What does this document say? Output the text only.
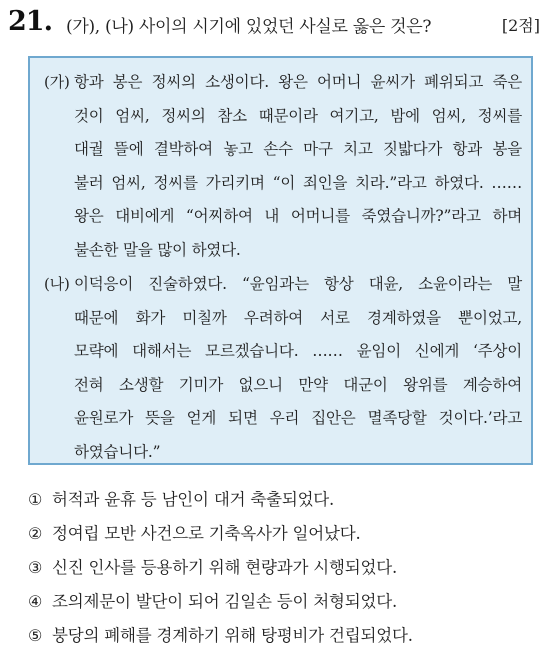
21. (가), (나) 사이의 시기에 있었던 사실로 옳은 것은?	[2점]
(가) 항과 봉은 정씨의 소생이다. 왕은 어머니 윤씨가 폐위되고 죽은
것이 엄씨, 정씨의 참소 때문이라 여기고, 밤에 엄씨, 정씨를
대궐 뜰에 결박하여 놓고 손수 마구 치고 짓밟다가 항과 봉을
불러 엄씨, 정씨를 가리키며 “이 죄인을 치라.”라고 하였다. ……
왕은 대비에게 “어찌하여 내 어머니를 죽였습니까?”라고 하며
불손한 말을 많이 하였다.
(나) 이덕응이 진술하였다. “윤임과는 항상 대윤, 소윤이라는 말
때문에 화가 미칠까 우려하여 서로 경계하였을 뿐이었고,
모략에 대해서는 모르겠습니다. …… 윤임이 신에게 ‘주상이
전혀 소생할 기미가 없으니 만약 대군이 왕위를 계승하여
윤원로가 뜻을 얻게 되면 우리 집안은 멸족당할 것이다.’라고
하였습니다.”
① 허적과 윤휴 등 남인이 대거 축출되었다.
② 정여립 모반 사건으로 기축옥사가 일어났다.
③ 신진 인사를 등용하기 위해 현량과가 시행되었다.
④ 조의제문이 발단이 되어 김일손 등이 처형되었다.
⑤ 붕당의 폐해를 경계하기 위해 탕평비가 건립되었다.
